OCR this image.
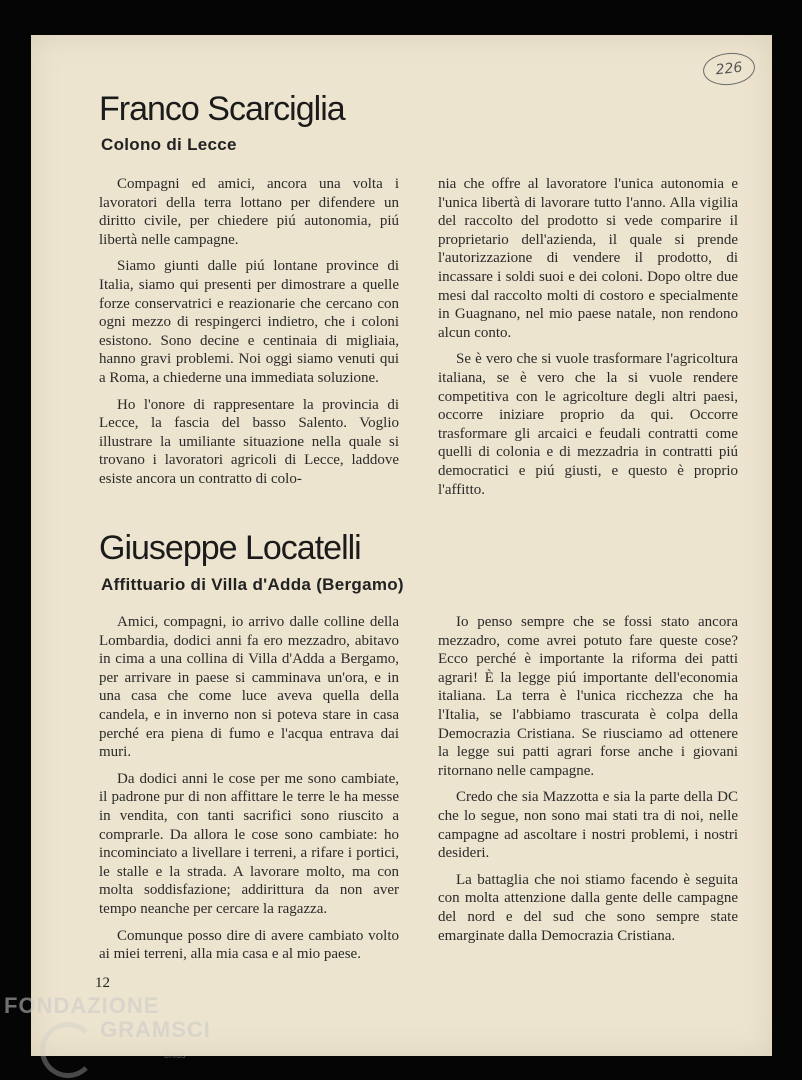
226
Franco Scarciglia
Colono di Lecce

Compagni ed amici, ancora una volta i lavoratori della terra lottano per difendere un diritto civile, per chiedere piú autonomia, piú libertà nelle campagne.

Siamo giunti dalle piú lontane province di Italia, siamo qui presenti per dimostrare a quelle forze conservatrici e reazionarie che cercano con ogni mezzo di respingerci indietro, che i coloni esistono. Sono decine e centinaia di migliaia, hanno gravi problemi. Noi oggi siamo venuti qui a Roma, a chiederne una immediata soluzione.

Ho l'onore di rappresentare la provincia di Lecce, la fascia del basso Salento. Voglio illustrare la umiliante situazione nella quale si trovano i lavoratori agricoli di Lecce, laddove esiste ancora un contratto di colo-

nia che offre al lavoratore l'unica autonomia e l'unica libertà di lavorare tutto l'anno. Alla vigilia del raccolto del prodotto si vede comparire il proprietario dell'azienda, il quale si prende l'autorizzazione di vendere il prodotto, di incassare i soldi suoi e dei coloni. Dopo oltre due mesi dal raccolto molti di costoro e specialmente in Guagnano, nel mio paese natale, non rendono alcun conto.

Se è vero che si vuole trasformare l'agricoltura italiana, se è vero che la si vuole rendere competitiva con le agricolture degli altri paesi, occorre iniziare proprio da qui. Occorre trasformare gli arcaici e feudali contratti come quelli di colonia e di mezzadria in contratti piú democratici e piú giusti, e questo è proprio l'affitto.

Giuseppe Locatelli
Affittuario di Villa d'Adda (Bergamo)

Amici, compagni, io arrivo dalle colline della Lombardia, dodici anni fa ero mezzadro, abitavo in cima a una collina di Villa d'Adda a Bergamo, per arrivare in paese si camminava un'ora, e in una casa che come luce aveva quella della candela, e in inverno non si poteva stare in casa perché era piena di fumo e l'acqua entrava dai muri.

Da dodici anni le cose per me sono cambiate, il padrone pur di non affittare le terre le ha messe in vendita, con tanti sacrifici sono riuscito a comprarle. Da allora le cose sono cambiate: ho incominciato a livellare i terreni, a rifare i portici, le stalle e la strada. A lavorare molto, ma con molta soddisfazione; addirittura da non aver tempo neanche per cercare la ragazza.

Comunque posso dire di avere cambiato volto ai miei terreni, alla mia casa e al mio paese.

Io penso sempre che se fossi stato ancora mezzadro, come avrei potuto fare queste cose? Ecco perché è importante la riforma dei patti agrari! È la legge piú importante dell'economia italiana. La terra è l'unica ricchezza che ha l'Italia, se l'abbiamo trascurata è colpa della Democrazia Cristiana. Se riusciamo ad ottenere la legge sui patti agrari forse anche i giovani ritornano nelle campagne.

Credo che sia Mazzotta e sia la parte della DC che lo segue, non sono mai stati tra di noi, nelle campagne ad ascoltare i nostri problemi, i nostri desideri.

La battaglia che noi stiamo facendo è seguita con molta attenzione dalla gente delle campagne del nord e del sud che sono sempre state emarginate dalla Democrazia Cristiana.

12
FONDAZIONE
GRAMSCI
onlus
